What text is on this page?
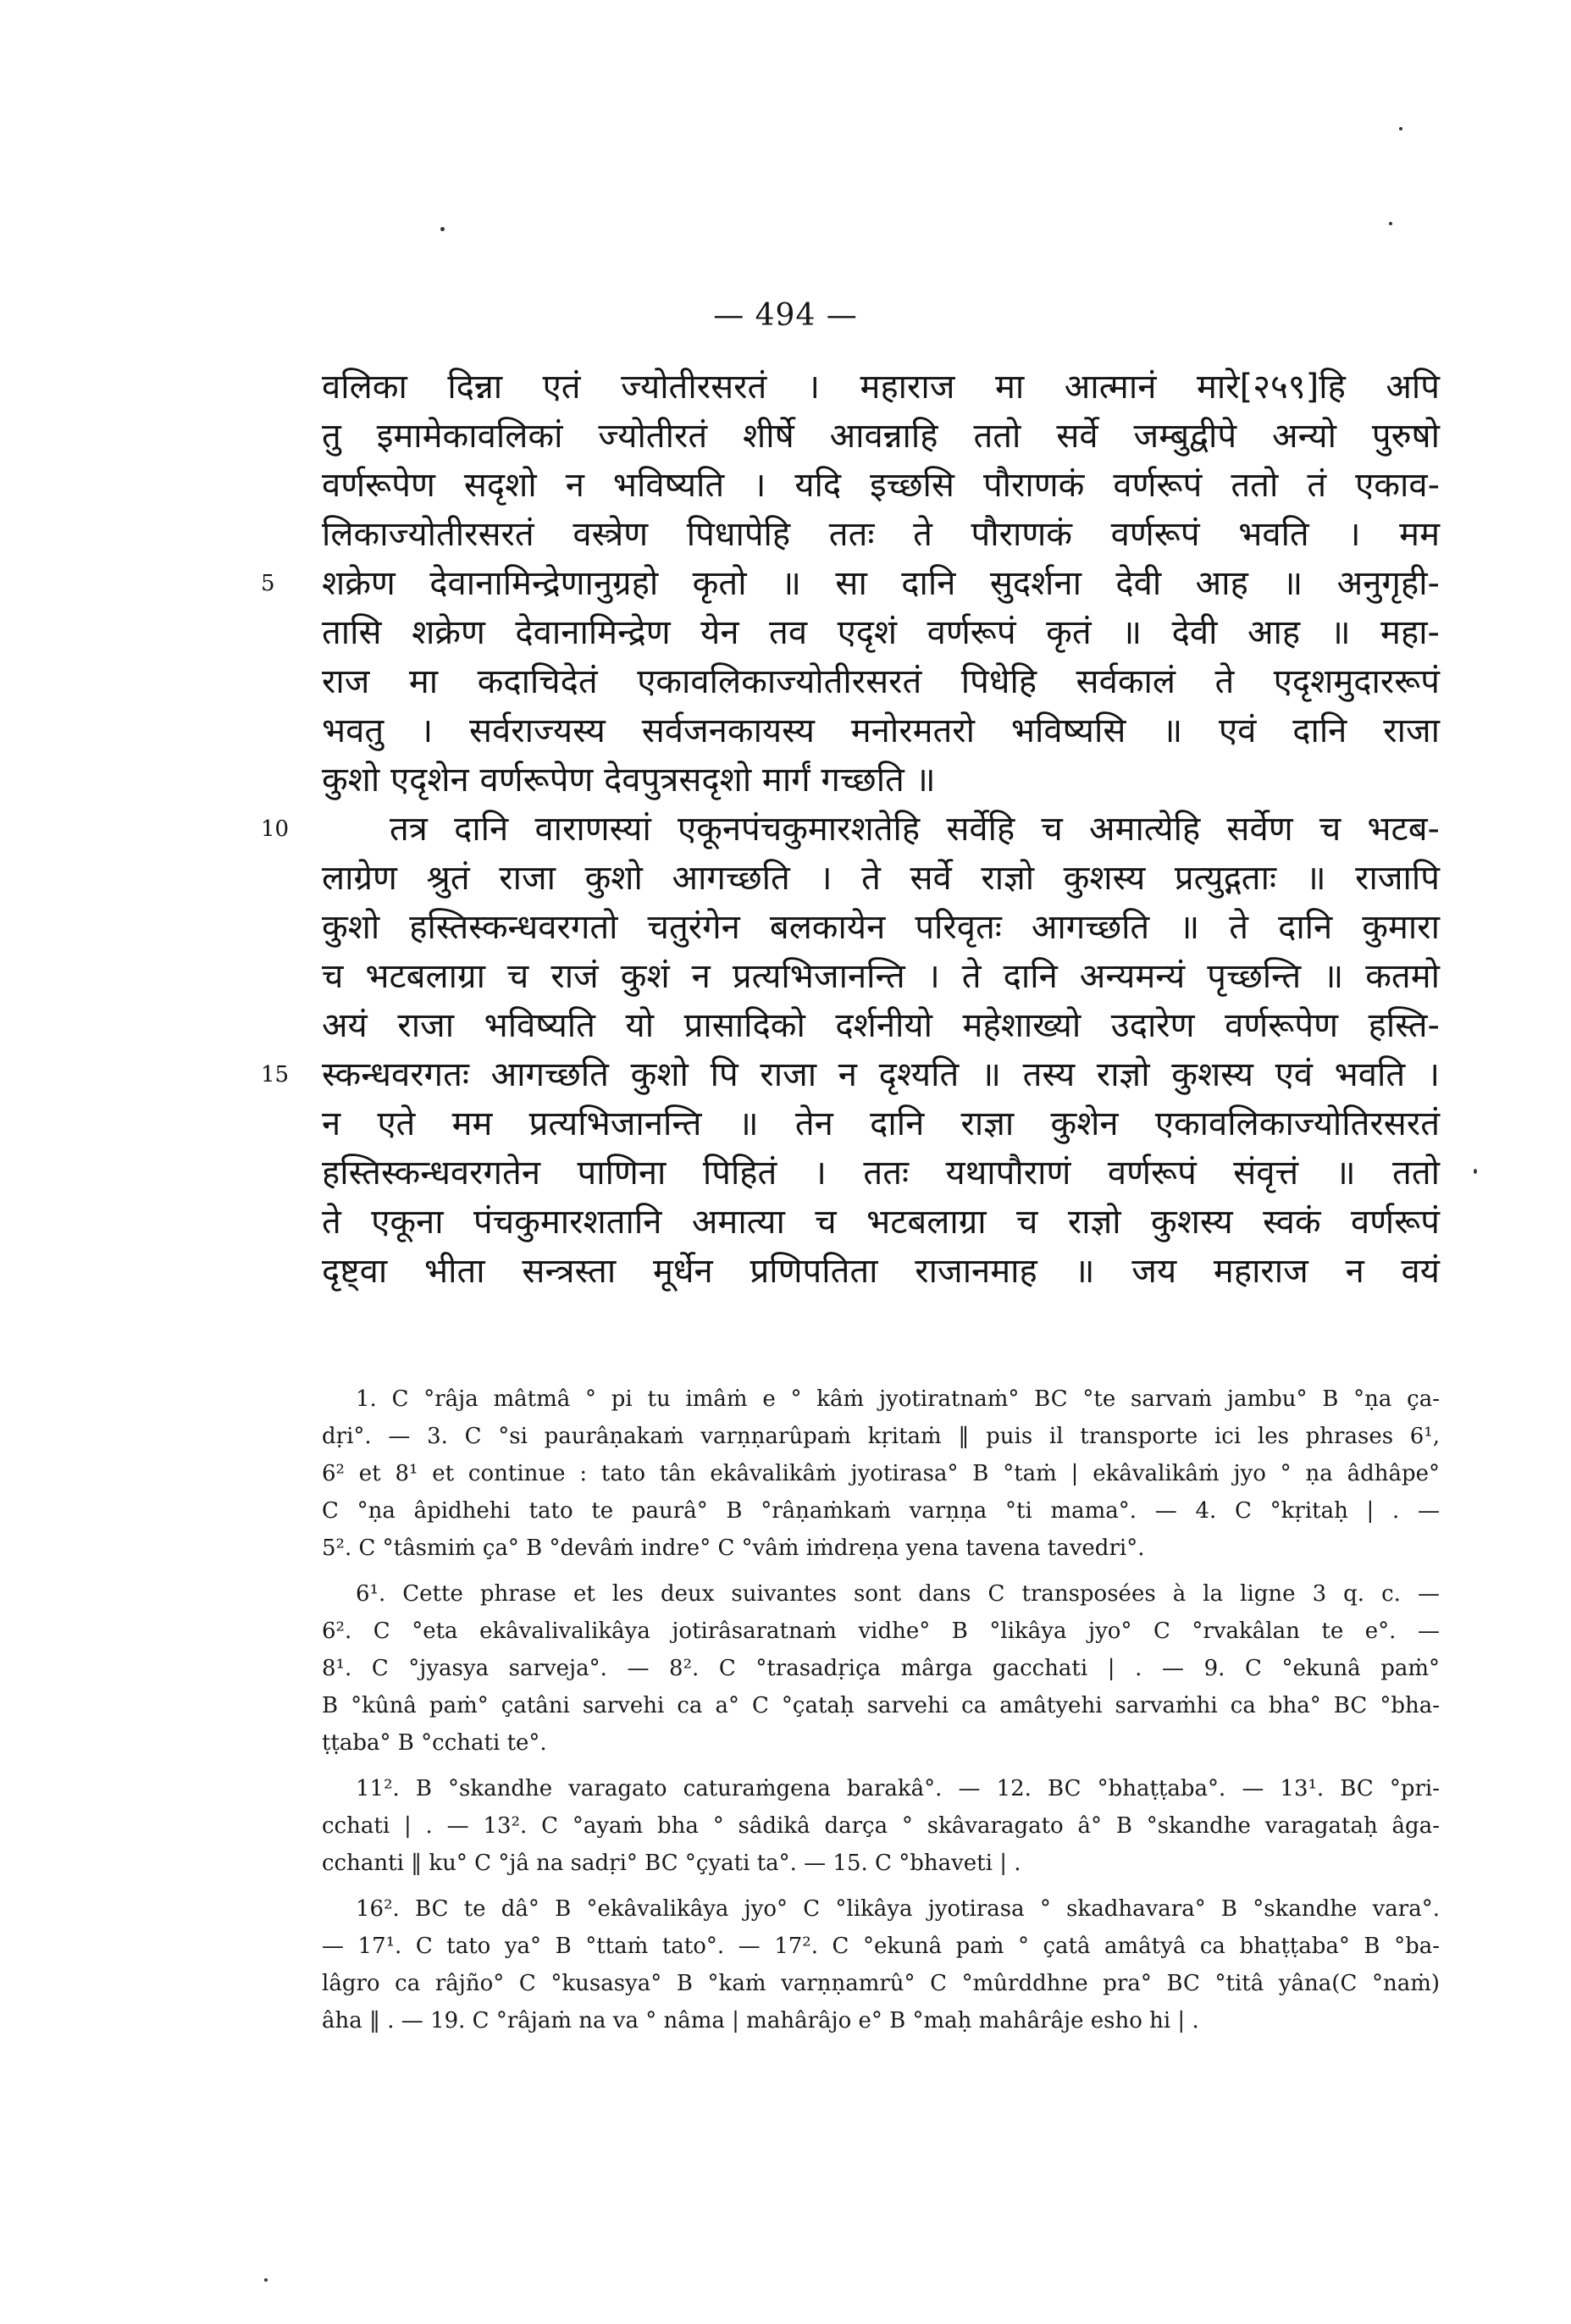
— 494 —
वलिका दिन्ना एतं ज्योतीरसरतं । महाराज मा आत्मानं मारे[२५९]हि अपि
तु इमामेकावलिकां ज्योतीरतं शीर्षे आवन्नाहि ततो सर्वे जम्बुद्वीपे अन्यो पुरुषो
वर्णरूपेण सदृशो न भविष्यति । यदि इच्छसि पौराणकं वर्णरूपं ततो तं एकाव-
लिकाज्योतीरसरतं वस्त्रेण पिधापेहि ततः ते पौराणकं वर्णरूपं भवति । मम
शक्रेण देवानामिन्द्रेणानुग्रहो कृतो ॥ सा दानि सुदर्शना देवी आह ॥ अनुगृही-
5
तासि शक्रेण देवानामिन्द्रेण येन तव एदृशं वर्णरूपं कृतं ॥ देवी आह ॥ महा-
राज मा कदाचिदेतं एकावलिकाज्योतीरसरतं पिधेहि सर्वकालं ते एदृशमुदाररूपं
भवतु । सर्वराज्यस्य सर्वजनकायस्य मनोरमतरो भविष्यसि ॥ एवं दानि राजा
कुशो एदृशेन वर्णरूपेण देवपुत्रसदृशो मार्गं गच्छति ॥
तत्र दानि वाराणस्यां एकूनपंचकुमारशतेहि सर्वेहि च अमात्येहि सर्वेण च भटब-
10
लाग्रेण श्रुतं राजा कुशो आगच्छति । ते सर्वे राज्ञो कुशस्य प्रत्युद्गताः ॥ राजापि
कुशो हस्तिस्कन्धवरगतो चतुरंगेन बलकायेन परिवृतः आगच्छति ॥ ते दानि कुमारा
च भटबलाग्रा च राजं कुशं न प्रत्यभिजानन्ति । ते दानि अन्यमन्यं पृच्छन्ति ॥ कतमो
अयं राजा भविष्यति यो प्रासादिको दर्शनीयो महेशाख्यो उदारेण वर्णरूपेण हस्ति-
स्कन्धवरगतः आगच्छति कुशो पि राजा न दृश्यति ॥ तस्य राज्ञो कुशस्य एवं भवति ।
15
न एते मम प्रत्यभिजानन्ति ॥ तेन दानि राज्ञा कुशेन एकावलिकाज्योतिरसरतं
हस्तिस्कन्धवरगतेन पाणिना पिहितं । ततः यथापौराणं वर्णरूपं संवृत्तं ॥ ततो
ते एकूना पंचकुमारशतानि अमात्या च भटबलाग्रा च राज्ञो कुशस्य स्वकं वर्णरूपं
दृष्ट्वा भीता सन्त्रस्ता मूर्धेन प्रणिपतिता राजानमाह ॥ जय महाराज न वयं
1. C °râja mâtmâ ° pi tu imâṁ e ° kâṁ jyotiratnaṁ° BC °te sarvaṁ jambu° B °ṇa ça-
dṛi°. — 3. C °si paurâṇakaṁ varṇṇarûpaṁ kṛitaṁ ‖ puis il transporte ici les phrases 6¹,
6² et 8¹ et continue : tato tân ekâvalikâṁ jyotirasa° B °taṁ | ekâvalikâṁ jyo ° ṇa âdhâpe°
C °ṇa âpidhehi tato te paurâ° B °râṇaṁkaṁ varṇṇa °ti mama°. — 4. C °kṛitaḥ | . —
5². C °tâsmiṁ ça° B °devâṁ indre° C °vâṁ iṁdreṇa yena tavena tavedri°.
6¹. Cette phrase et les deux suivantes sont dans C transposées à la ligne 3 q. c. —
6². C °eta ekâvalivalikâya jotirâsaratnaṁ vidhe° B °likâya jyo° C °rvakâlan te e°. —
8¹. C °jyasya sarveja°. — 8². C °trasadṛiça mârga gacchati | . — 9. C °ekunâ paṁ°
B °kûnâ paṁ° çatâni sarvehi ca a° C °çataḥ sarvehi ca amâtyehi sarvaṁhi ca bha° BC °bha-
ṭṭaba° B °cchati te°.
11². B °skandhe varagato caturaṁgena barakâ°. — 12. BC °bhaṭṭaba°. — 13¹. BC °pri-
cchati | . — 13². C °ayaṁ bha ° sâdikâ darça ° skâvaragato â° B °skandhe varagataḥ âga-
cchanti ‖ ku° C °jâ na sadṛi° BC °çyati ta°. — 15. C °bhaveti | .
16². BC te dâ° B °ekâvalikâya jyo° C °likâya jyotirasa ° skadhavara° B °skandhe vara°.
— 17¹. C tato ya° B °ttaṁ tato°. — 17². C °ekunâ paṁ ° çatâ amâtyâ ca bhaṭṭaba° B °ba-
lâgro ca râjño° C °kusasya° B °kaṁ varṇṇamrû° C °mûrddhne pra° BC °titâ yâna(C °naṁ)
âha ‖ . — 19. C °râjaṁ na va ° nâma | mahârâjo e° B °maḥ mahârâje esho hi | .
